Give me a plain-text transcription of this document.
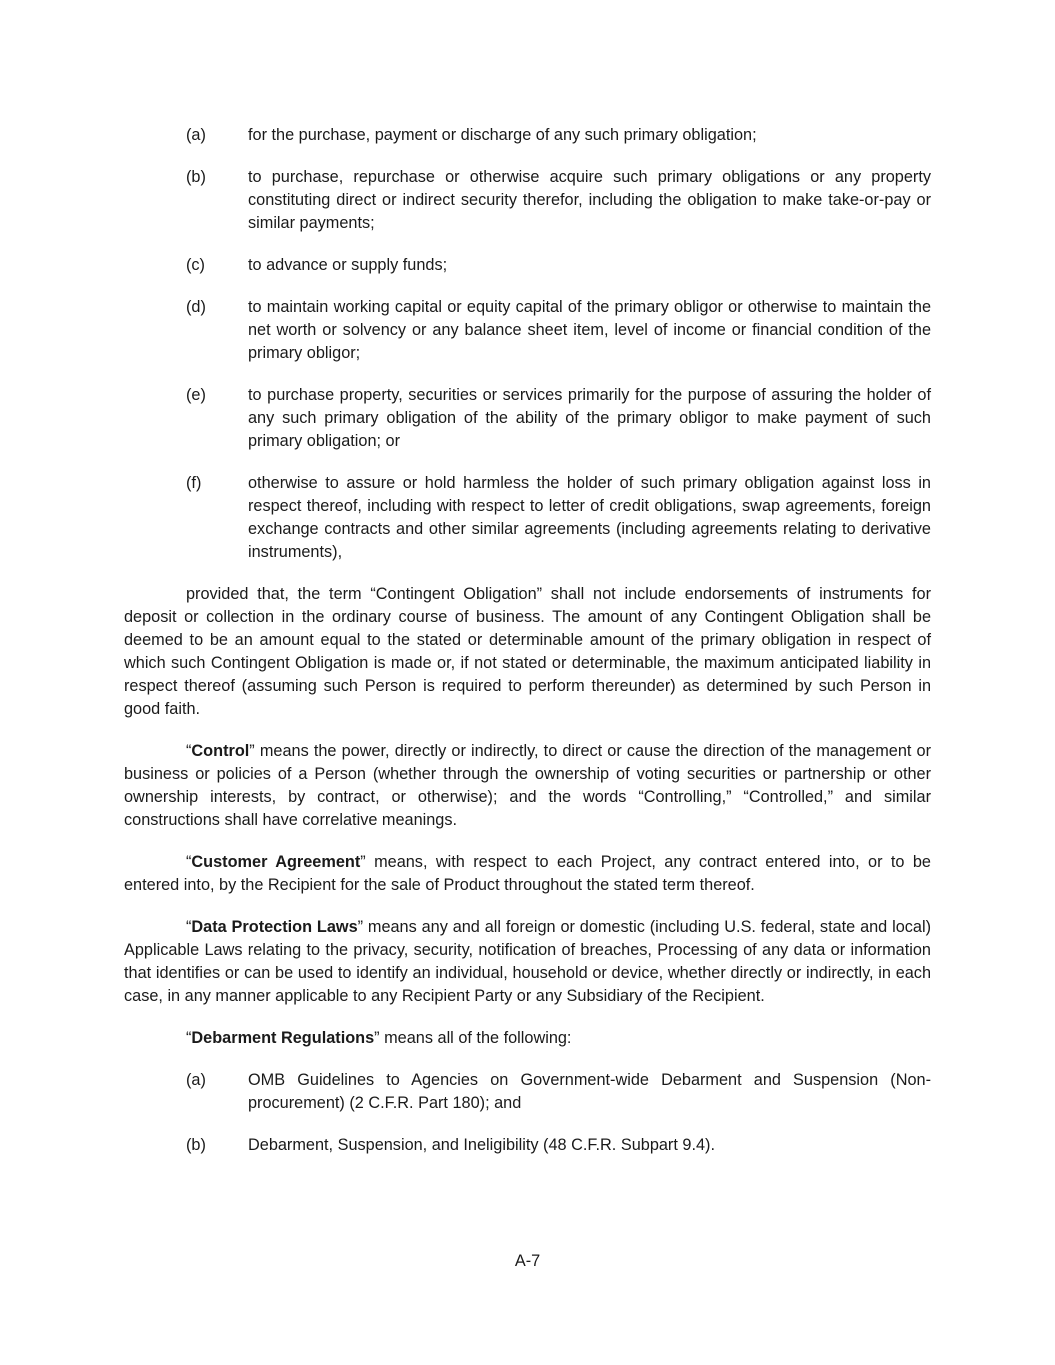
(a)	for the purchase, payment or discharge of any such primary obligation;
(b)	to purchase, repurchase or otherwise acquire such primary obligations or any property constituting direct or indirect security therefor, including the obligation to make take-or-pay or similar payments;
(c)	to advance or supply funds;
(d)	to maintain working capital or equity capital of the primary obligor or otherwise to maintain the net worth or solvency or any balance sheet item, level of income or financial condition of the primary obligor;
(e)	to purchase property, securities or services primarily for the purpose of assuring the holder of any such primary obligation of the ability of the primary obligor to make payment of such primary obligation; or
(f)	otherwise to assure or hold harmless the holder of such primary obligation against loss in respect thereof, including with respect to letter of credit obligations, swap agreements, foreign exchange contracts and other similar agreements (including agreements relating to derivative instruments),

provided that, the term “Contingent Obligation” shall not include endorsements of instruments for deposit or collection in the ordinary course of business. The amount of any Contingent Obligation shall be deemed to be an amount equal to the stated or determinable amount of the primary obligation in respect of which such Contingent Obligation is made or, if not stated or determinable, the maximum anticipated liability in respect thereof (assuming such Person is required to perform thereunder) as determined by such Person in good faith.

“Control” means the power, directly or indirectly, to direct or cause the direction of the management or business or policies of a Person (whether through the ownership of voting securities or partnership or other ownership interests, by contract, or otherwise); and the words “Controlling,” “Controlled,” and similar constructions shall have correlative meanings.

“Customer Agreement” means, with respect to each Project, any contract entered into, or to be entered into, by the Recipient for the sale of Product throughout the stated term thereof.

“Data Protection Laws” means any and all foreign or domestic (including U.S. federal, state and local) Applicable Laws relating to the privacy, security, notification of breaches, Processing of any data or information that identifies or can be used to identify an individual, household or device, whether directly or indirectly, in each case, in any manner applicable to any Recipient Party or any Subsidiary of the Recipient.

“Debarment Regulations” means all of the following:

(a)	OMB Guidelines to Agencies on Government-wide Debarment and Suspension (Non-procurement) (2 C.F.R. Part 180); and
(b)	Debarment, Suspension, and Ineligibility (48 C.F.R. Subpart 9.4).
A-7
